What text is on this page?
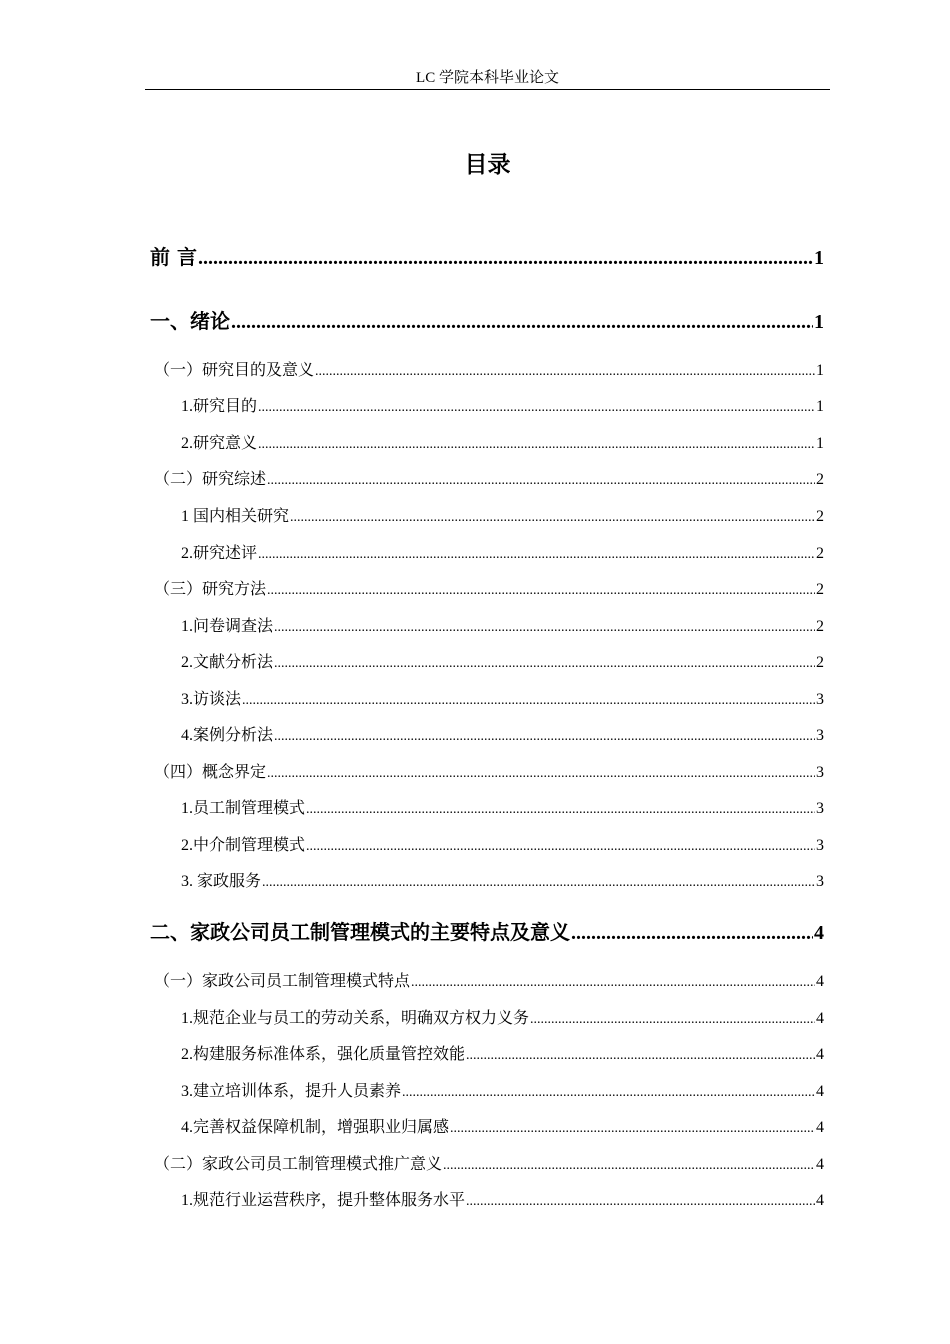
LC 学院本科毕业论文
目录
前 言 .....	1
一、绪论 .....	1
（一）研究目的及意义 .....	1
1.研究目的 .....	1
2.研究意义 .....	1
（二）研究综述 .....	2
1 国内相关研究 .....	2
2.研究述评 .....	2
（三）研究方法 .....	2
1.问卷调查法 .....	2
2.文献分析法 .....	2
3.访谈法 .....	3
4.案例分析法 .....	3
（四）概念界定 .....	3
1.员工制管理模式 .....	3
2.中介制管理模式 .....	3
3. 家政服务 .....	3
二、家政公司员工制管理模式的主要特点及意义 .....	4
（一）家政公司员工制管理模式特点 .....	4
1.规范企业与员工的劳动关系，明确双方权力义务 .....	4
2.构建服务标准体系，强化质量管控效能 .....	4
3.建立培训体系，提升人员素养 .....	4
4.完善权益保障机制，增强职业归属感 .....	4
（二）家政公司员工制管理模式推广意义 .....	4
1.规范行业运营秩序，提升整体服务水平 .....	4
